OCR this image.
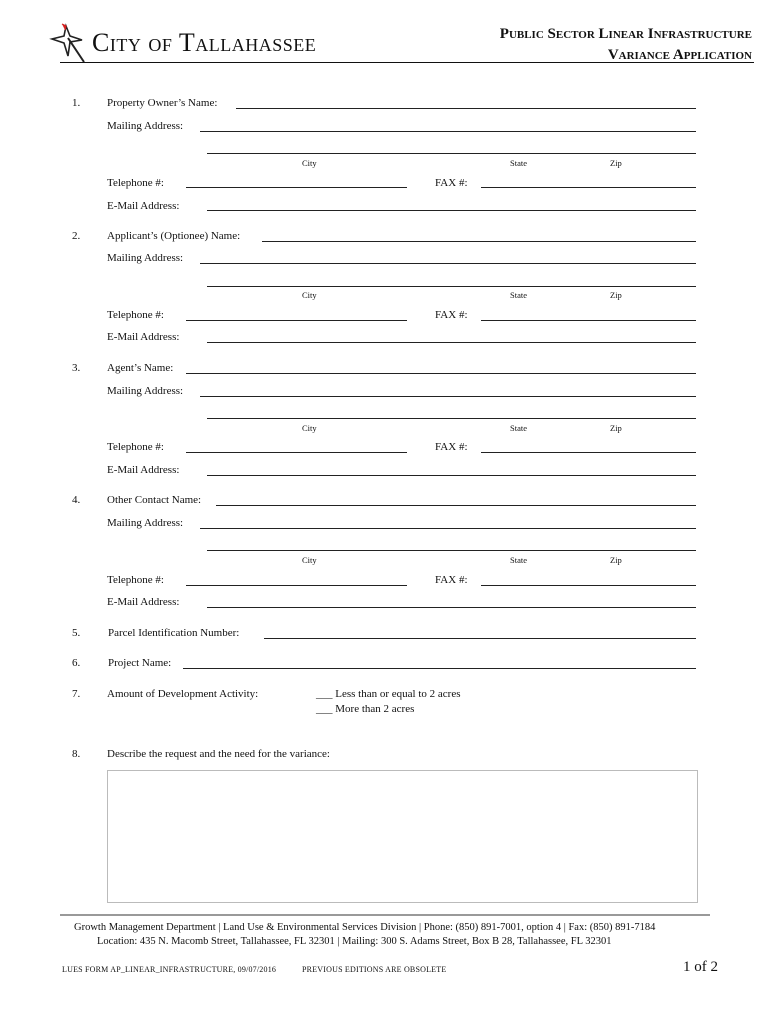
City of Tallahassee	Public Sector Linear Infrastructure
Variance Application
1. Property Owner’s Name:
Mailing Address:
City	State	Zip
Telephone #:	FAX #:
E-Mail Address:
2. Applicant’s (Optionee) Name:
Mailing Address:
City	State	Zip
Telephone #:	FAX #:
E-Mail Address:
3. Agent’s Name:
Mailing Address:
City	State	Zip
Telephone #:	FAX #:
E-Mail Address:
4. Other Contact Name:
Mailing Address:
City	State	Zip
Telephone #:	FAX #:
E-Mail Address:
5.	Parcel Identification Number:
6.	Project Name:
7. Amount of Development Activity:	___ Less than or equal to 2 acres
___ More than 2 acres
8. Describe the request and the need for the variance:
Growth Management Department | Land Use & Environmental Services Division | Phone: (850) 891-7001, option 4 | Fax: (850) 891-7184
Location: 435 N. Macomb Street, Tallahassee, FL 32301 | Mailing: 300 S. Adams Street, Box B 28, Tallahassee, FL 32301
LUES FORM AP_LINEAR_INFRASTRUCTURE, 09/07/2016	PREVIOUS EDITIONS ARE OBSOLETE	1 of 2
